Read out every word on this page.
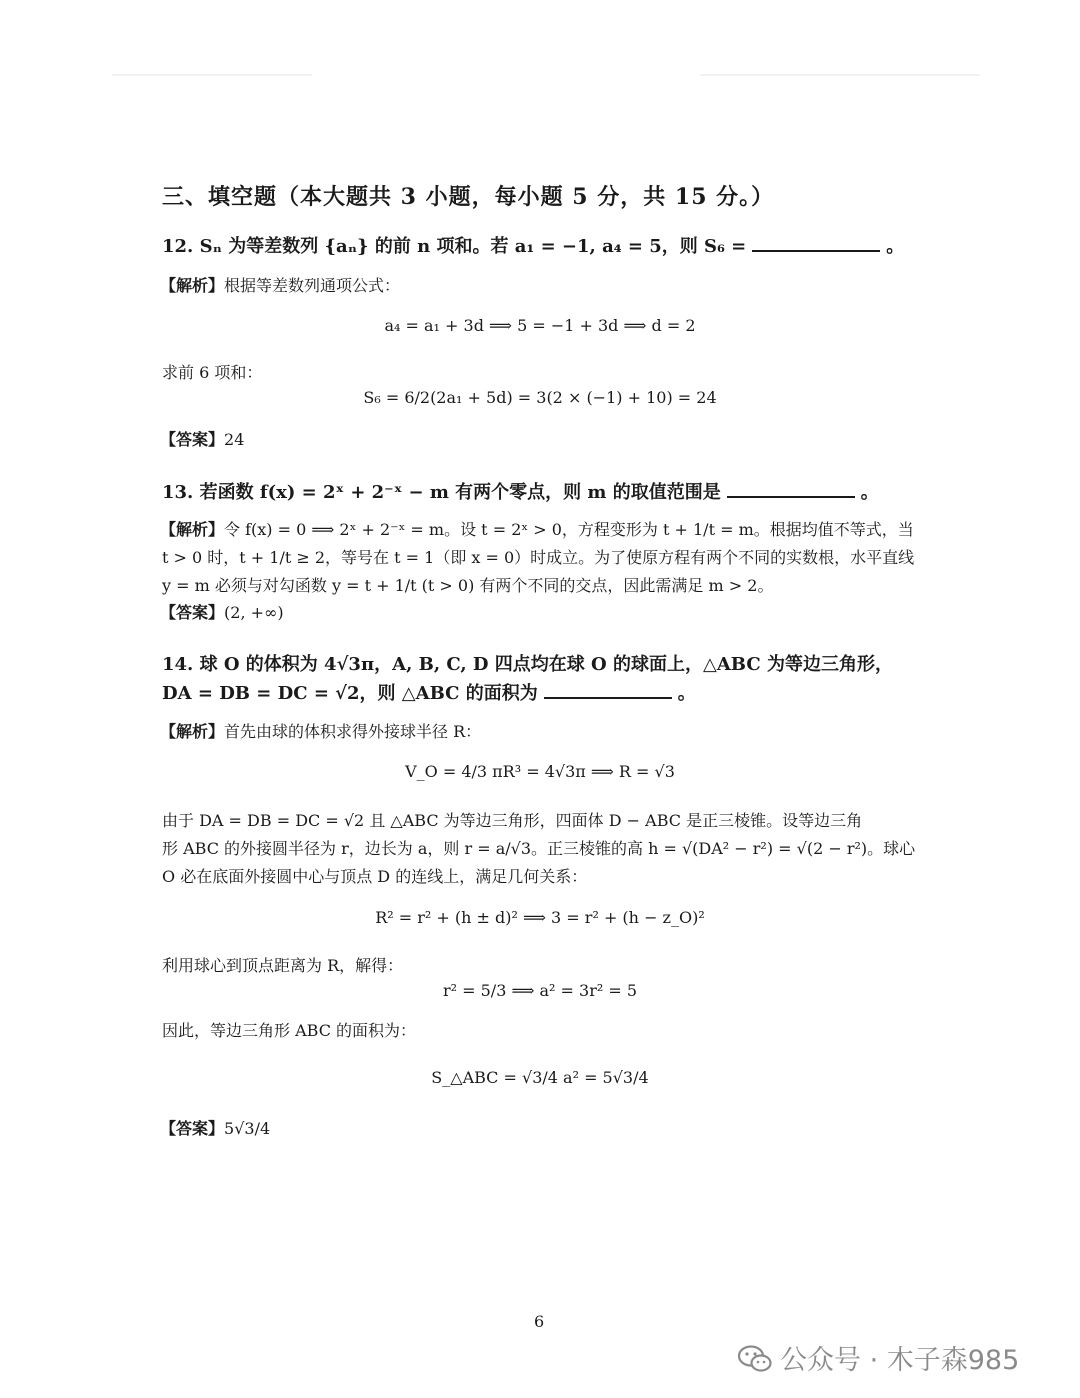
三、填空题（本大题共 3 小题，每小题 5 分，共 15 分。）
12. Sₙ 为等差数列 {aₙ} 的前 n 项和。若 a₁ = −1, a₄ = 5，则 S₆ =	。
【解析】根据等差数列通项公式：
a₄ = a₁ + 3d ⟹ 5 = −1 + 3d ⟹ d = 2
求前 6 项和：
S₆ = 6/2(2a₁ + 5d) = 3(2 × (−1) + 10) = 24
【答案】24
13. 若函数 f(x) = 2ˣ + 2⁻ˣ − m 有两个零点，则 m 的取值范围是	。
【解析】令 f(x) = 0 ⟹ 2ˣ + 2⁻ˣ = m。设 t = 2ˣ > 0，方程变形为 t + 1/t = m。根据均值不等式，当
t > 0 时，t + 1/t ≥ 2，等号在 t = 1（即 x = 0）时成立。为了使原方程有两个不同的实数根，水平直线
y = m 必须与对勾函数 y = t + 1/t (t > 0) 有两个不同的交点，因此需满足 m > 2。
【答案】(2, +∞)
14. 球 O 的体积为 4√3π，A, B, C, D 四点均在球 O 的球面上，△ABC 为等边三角形，
DA = DB = DC = √2，则 △ABC 的面积为	。
【解析】首先由球的体积求得外接球半径 R：
V_O = 4/3 πR³ = 4√3π ⟹ R = √3
由于 DA = DB = DC = √2 且 △ABC 为等边三角形，四面体 D − ABC 是正三棱锥。设等边三角
形 ABC 的外接圆半径为 r，边长为 a，则 r = a/√3。正三棱锥的高 h = √(DA² − r²) = √(2 − r²)。球心
O 必在底面外接圆中心与顶点 D 的连线上，满足几何关系：
R² = r² + (h ± d)² ⟹ 3 = r² + (h − z_O)²
利用球心到顶点距离为 R，解得：
r² = 5/3 ⟹ a² = 3r² = 5
因此，等边三角形 ABC 的面积为：
S_△ABC = √3/4 a² = 5√3/4
【答案】5√3/4
6
公众号 · 木子森985
